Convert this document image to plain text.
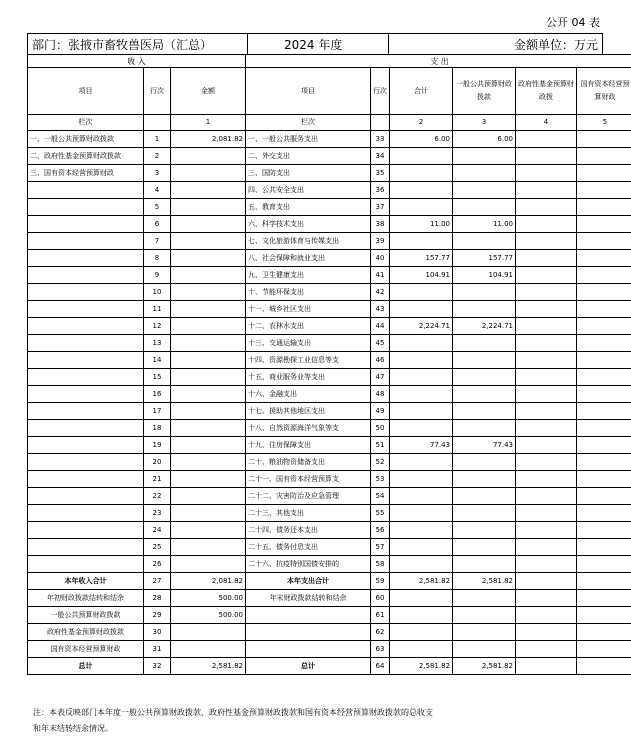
公开 04 表
部门：张掖市畜牧兽医局（汇总）	2024 年度	金额单位：万元
收 入			支 出					
项目	行次	金额	项目	行次	合计	一般公共预算财政拨款	政府性基金预算财政拨	国有资本经营预算财政
栏次		1	栏次		2	3	4	5
一、一般公共预算财政拨款	1	2,081.82	一、一般公共服务支出	33	6.00	6.00		
二、政府性基金预算财政拨款	2		二、外交支出	34				
三、国有资本经营预算财政	3		三、国防支出	35				
	4		四、公共安全支出	36				
	5		五、教育支出	37				
	6		六、科学技术支出	38	11.00	11.00		
	7		七、文化旅游体育与传媒支出	39				
	8		八、社会保障和就业支出	40	157.77	157.77		
	9		九、卫生健康支出	41	104.91	104.91		
	10		十、节能环保支出	42				
	11		十一、城乡社区支出	43				
	12		十二、农林水支出	44	2,224.71	2,224.71		
	13		十三、交通运输支出	45				
	14		十四、资源勘探工业信息等支	46				
	15		十五、商业服务业等支出	47				
	16		十六、金融支出	48				
	17		十七、援助其他地区支出	49				
	18		十八、自然资源海洋气象等支	50				
	19		十九、住房保障支出	51	77.43	77.43		
	20		二十、粮油物资储备支出	52				
	21		二十一、国有资本经营预算支	53				
	22		二十二、灾害防治及应急管理	54				
	23		二十三、其他支出	55				
	24		二十四、债务还本支出	56				
	25		二十五、债务付息支出	57				
	26		二十六、抗疫特别国债安排的	58				
本年收入合计	27	2,081.82	本年支出合计	59	2,581.82	2,581.82		
年初财政拨款结转和结余	28	500.00	年末财政拨款结转和结余	60				
一般公共预算财政拨款	29	500.00		61				
政府性基金预算财政拨款	30			62				
国有资本经营预算财政	31			63				
总计	32	2,581.82	总计	64	2,581.82	2,581.82		
注：本表反映部门本年度一般公共预算财政拨款、政府性基金预算财政拨款和国有资本经营预算财政拨款的总收支
和年末结转结余情况。
